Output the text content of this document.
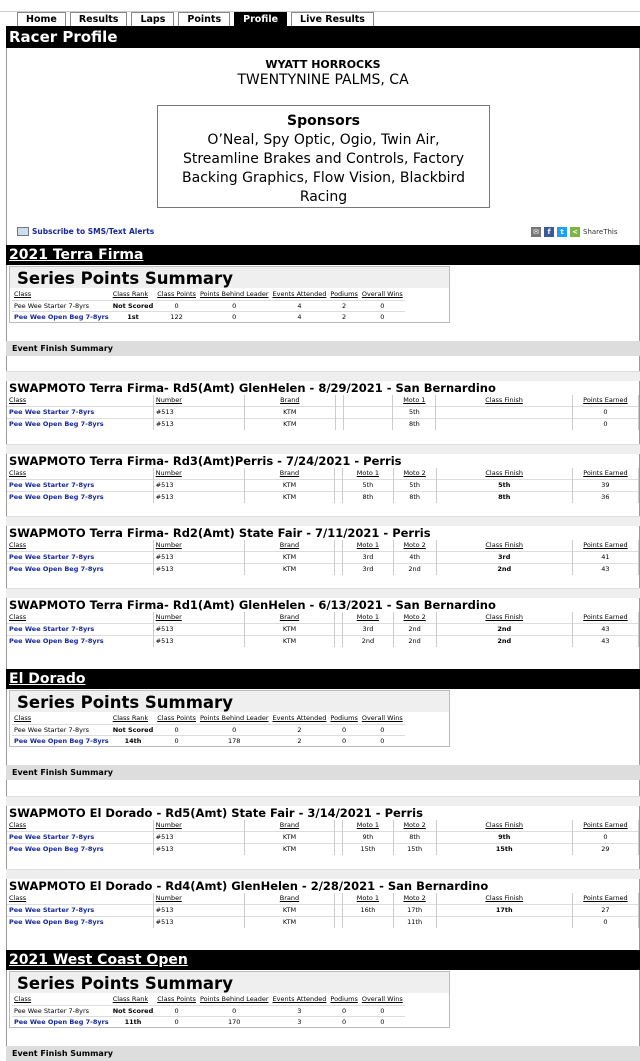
Home	Results	Laps	Points	Profile	Live Results
Racer Profile
WYATT HORROCKS
TWENTYNINE PALMS, CA
Sponsors
O’Neal, Spy Optic, Ogio, Twin Air, Streamline Brakes and Controls, Factory Backing Graphics, Flow Vision, Blackbird Racing
Subscribe to SMS/Text Alerts	✉	f	t	< ShareThis
2021 Terra Firma
Series Points Summary
Class	Class Rank	Class Points	Points Behind Leader	Events Attended	Podiums	Overall Wins
Pee Wee Starter 7-8yrs	Not Scored	0	0	4	2	0
Pee Wee Open Beg 7-8yrs	1st	122	0	4	2	0
Event Finish Summary
SWAPMOTO Terra Firma- Rd5(Amt) GlenHelen - 8/29/2021 - San Bernardino
Class	Number	Brand			Moto 1	Class Finish	Points Earned
Pee Wee Starter 7-8yrs	#513	KTM			5th		0
Pee Wee Open Beg 7-8yrs	#513	KTM			8th		0
SWAPMOTO Terra Firma- Rd3(Amt)Perris - 7/24/2021 - Perris
Class	Number	Brand		Moto 1	Moto 2	Class Finish	Points Earned
Pee Wee Starter 7-8yrs	#513	KTM		5th	5th	5th	39
Pee Wee Open Beg 7-8yrs	#513	KTM		8th	8th	8th	36
SWAPMOTO Terra Firma- Rd2(Amt) State Fair - 7/11/2021 - Perris
Class	Number	Brand		Moto 1	Moto 2	Class Finish	Points Earned
Pee Wee Starter 7-8yrs	#513	KTM		3rd	4th	3rd	41
Pee Wee Open Beg 7-8yrs	#513	KTM		3rd	2nd	2nd	43
SWAPMOTO Terra Firma- Rd1(Amt) GlenHelen - 6/13/2021 - San Bernardino
Class	Number	Brand		Moto 1	Moto 2	Class Finish	Points Earned
Pee Wee Starter 7-8yrs	#513	KTM		3rd	2nd	2nd	43
Pee Wee Open Beg 7-8yrs	#513	KTM		2nd	2nd	2nd	43
El Dorado
Series Points Summary
Class	Class Rank	Class Points	Points Behind Leader	Events Attended	Podiums	Overall Wins
Pee Wee Starter 7-8yrs	Not Scored	0	0	2	0	0
Pee Wee Open Beg 7-8yrs	14th	0	178	2	0	0
Event Finish Summary
SWAPMOTO El Dorado - Rd5(Amt) State Fair - 3/14/2021 - Perris
Class	Number	Brand		Moto 1	Moto 2	Class Finish	Points Earned
Pee Wee Starter 7-8yrs	#513	KTM		9th	8th	9th	0
Pee Wee Open Beg 7-8yrs	#513	KTM		15th	15th	15th	29
SWAPMOTO El Dorado - Rd4(Amt) GlenHelen - 2/28/2021 - San Bernardino
Class	Number	Brand		Moto 1	Moto 2	Class Finish	Points Earned
Pee Wee Starter 7-8yrs	#513	KTM		16th	17th	17th	27
Pee Wee Open Beg 7-8yrs	#513	KTM			11th		0
2021 West Coast Open
Series Points Summary
Class	Class Rank	Class Points	Points Behind Leader	Events Attended	Podiums	Overall Wins
Pee Wee Starter 7-8yrs	Not Scored	0	0	3	0	0
Pee Wee Open Beg 7-8yrs	11th	0	170	3	0	0
Event Finish Summary
